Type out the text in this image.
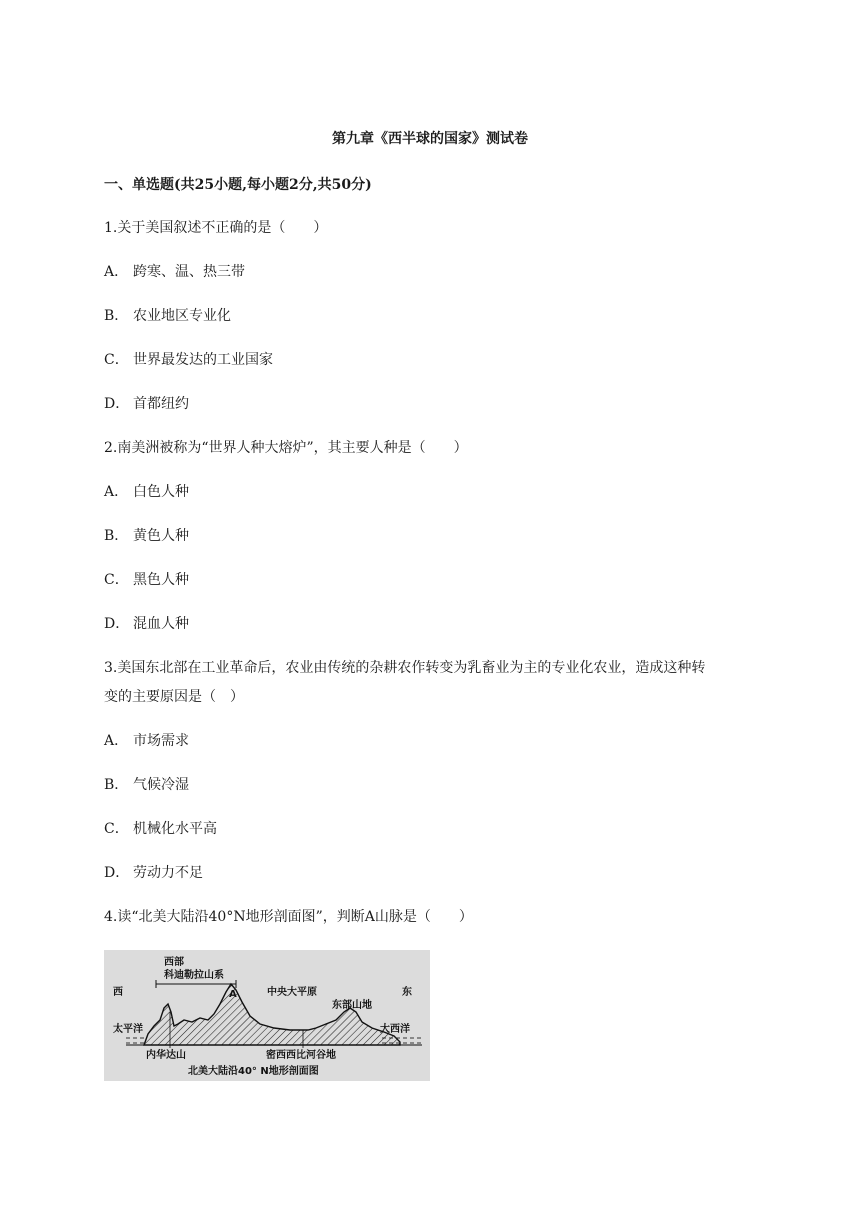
第九章《西半球的国家》测试卷
一、单选题(共25小题,每小题2分,共50分)
1.关于美国叙述不正确的是（　　）
A． 跨寒、温、热三带
B． 农业地区专业化
C． 世界最发达的工业国家
D． 首都纽约
2.南美洲被称为“世界人种大熔炉”，其主要人种是（　　）
A． 白色人种
B． 黄色人种
C． 黑色人种
D． 混血人种
3.美国东北部在工业革命后，农业由传统的杂耕农作转变为乳畜业为主的专业化农业，造成这种转
变的主要原因是（　）
A． 市场需求
B． 气候冷湿
C． 机械化水平高
D． 劳动力不足
4.读“北美大陆沿40°N地形剖面图”，判断A山脉是（　　）
西部
科迪勒拉山系
西	东
A	中央大平原
东部山地
太平洋	大西洋
内华达山	密西西比河谷地
北美大陆沿40° N地形剖面图
